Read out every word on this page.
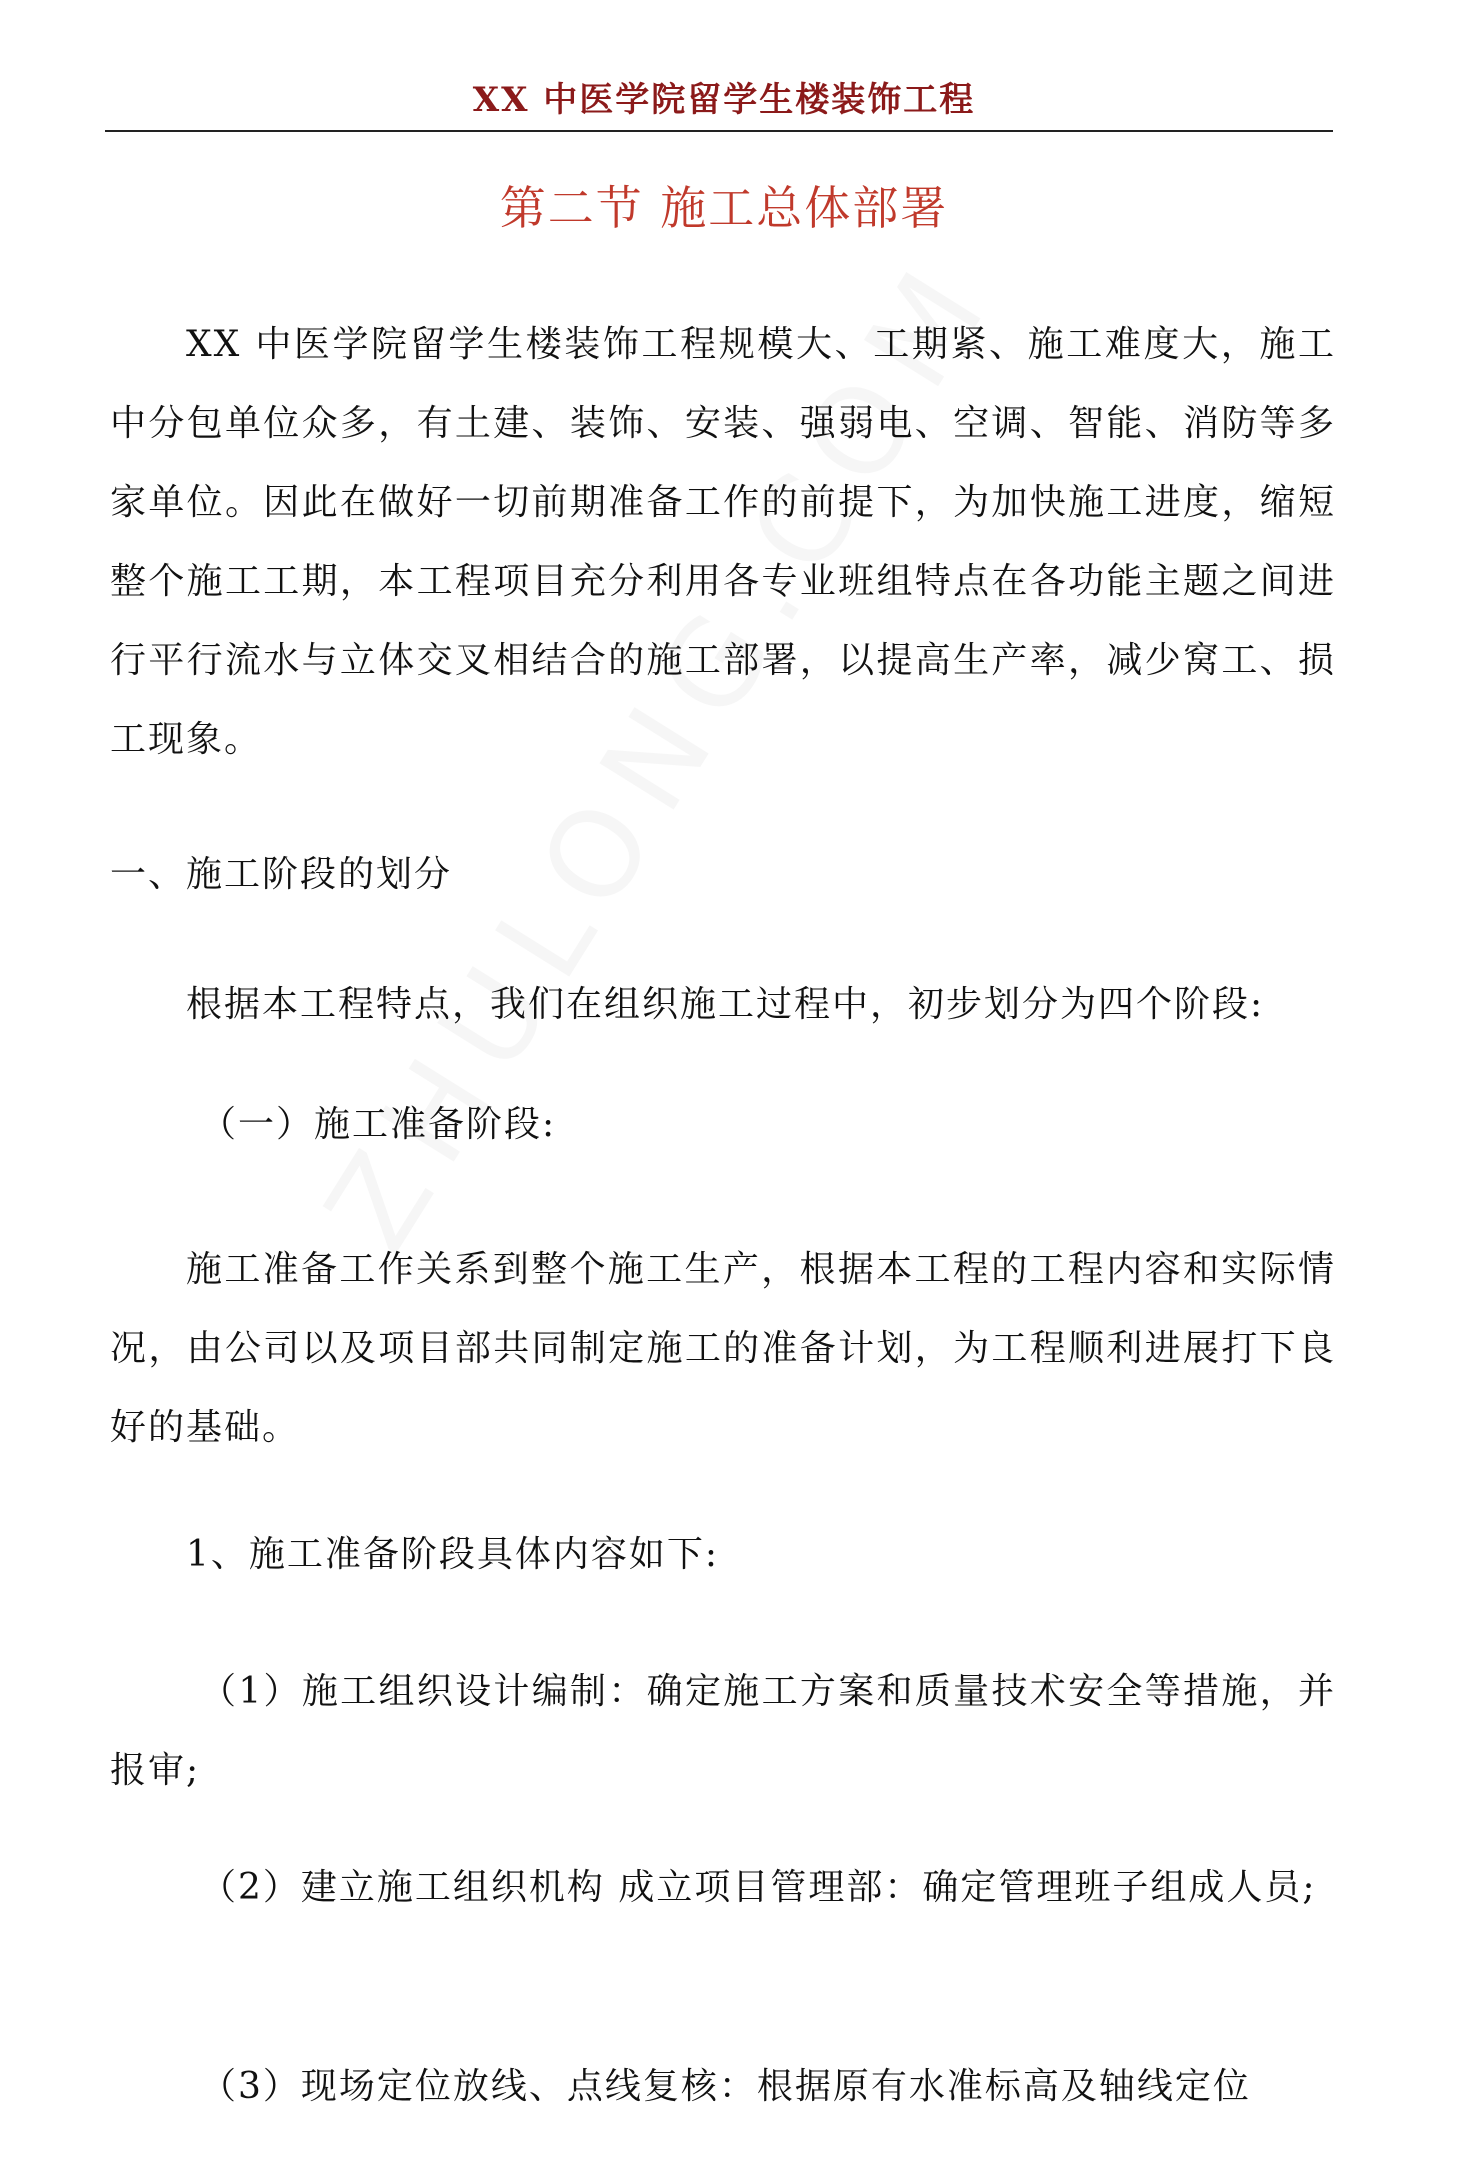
XX 中医学院留学生楼装饰工程
第二节 施工总体部署

XX 中医学院留学生楼装饰工程规模大、工期紧、施工难度大，施工中分包单位众多，有土建、装饰、安装、强弱电、空调、智能、消防等多家单位。因此在做好一切前期准备工作的前提下，为加快施工进度，缩短整个施工工期，本工程项目充分利用各专业班组特点在各功能主题之间进行平行流水与立体交叉相结合的施工部署，以提高生产率，减少窝工、损工现象。

一、施工阶段的划分

根据本工程特点，我们在组织施工过程中，初步划分为四个阶段:

（一）施工准备阶段:

施工准备工作关系到整个施工生产，根据本工程的工程内容和实际情况，由公司以及项目部共同制定施工的准备计划，为工程顺利进展打下良好的基础。

1、施工准备阶段具体内容如下:

（1）施工组织设计编制：确定施工方案和质量技术安全等措施，并报审;

（2）建立施工组织机构 成立项目管理部：确定管理班子组成人员;

（3）现场定位放线、点线复核：根据原有水准标高及轴线定位
